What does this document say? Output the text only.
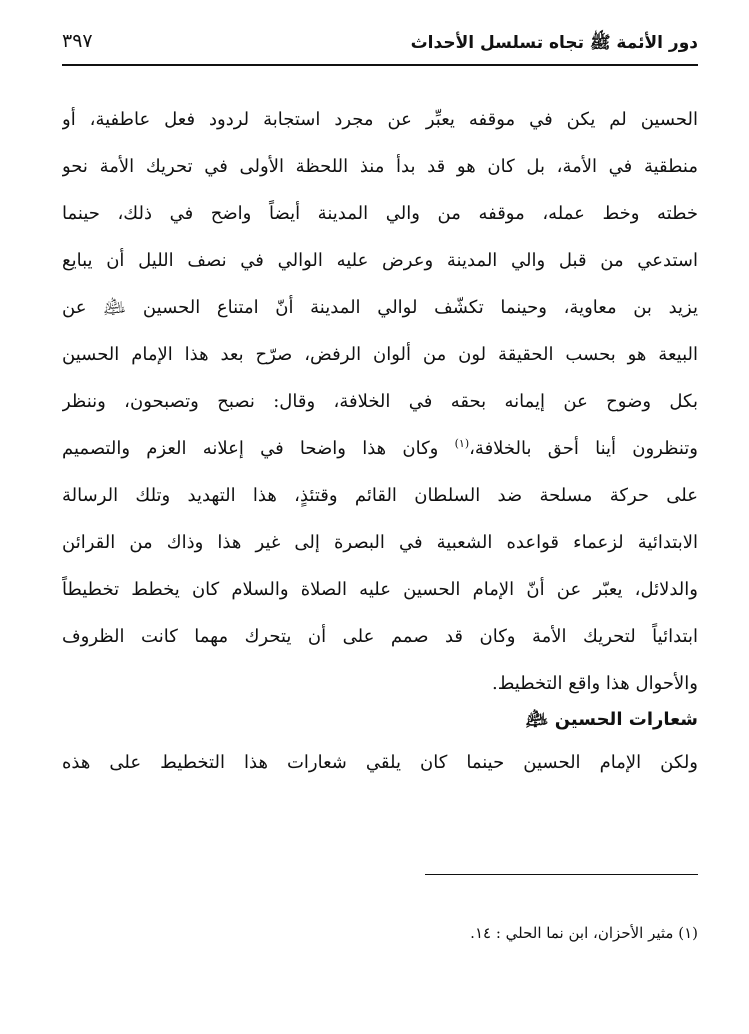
دور الأئمة ﷺ تجاه تسلسل الأحداث
٣٩٧
الحسين لم يكن في موقفه يعبِّر عن مجرد استجابة لردود فعل عاطفية، أو
منطقية في الأمة، بل كان هو قد بدأ منذ اللحظة الأولى في تحريك الأمة نحو
خطته وخط عمله، موقفه من والي المدينة أيضاً واضح في ذلك، حينما
استدعي من قبل والي المدينة وعرض عليه الوالي في نصف الليل أن يبايع
يزيد بن معاوية، وحينما تكشّف لوالي المدينة أنّ امتناع الحسين ﵇ عن
البيعة هو بحسب الحقيقة لون من ألوان الرفض، صرّح بعد هذا الإمام الحسين
بكل وضوح عن إيمانه بحقه في الخلافة، وقال: نصبح وتصبحون، وننظر
وتنظرون أينا أحق بالخلافة،$^{(١)}$ وكان هذا واضحا في إعلانه العزم والتصميم
على حركة مسلحة ضد السلطان القائم وقتئذٍ، هذا التهديد وتلك الرسالة
الابتدائية لزعماء قواعده الشعبية في البصرة إلى غير هذا وذاك من القرائن
والدلائل، يعبّر عن أنّ الإمام الحسين عليه الصلاة والسلام كان يخطط تخطيطاً
ابتدائياً لتحريك الأمة وكان قد صمم على أن يتحرك مهما كانت الظروف
والأحوال هذا واقع التخطيط.
شعارات الحسين ﵇
ولكن الإمام الحسين حينما كان يلقي شعارات هذا التخطيط على هذه
(١) مثير الأحزان، ابن نما الحلي : ١٤.
